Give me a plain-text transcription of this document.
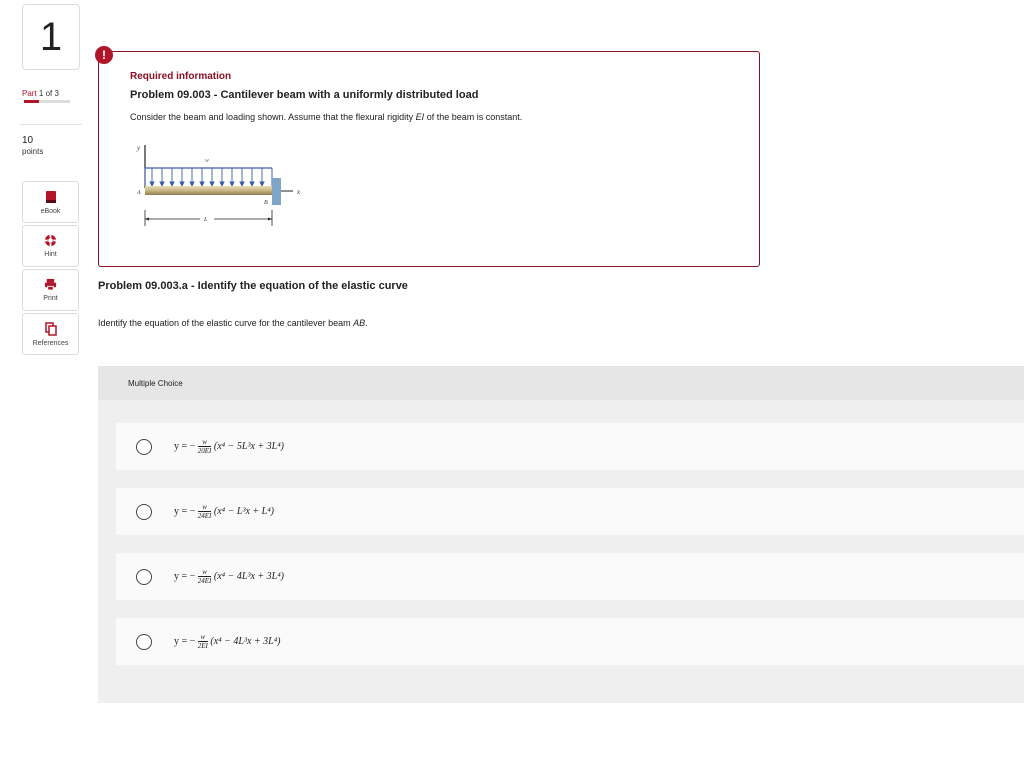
1
Part 1 of 3
10
points
eBook
Hint
Print
References
!
Required information
Problem 09.003 - Cantilever beam with a uniformly distributed load
Consider the beam and loading shown. Assume that the flexural rigidity EI of the beam is constant.
y
w
x
A
B
L
Problem 09.003.a - Identify the equation of the elastic curve
Identify the equation of the elastic curve for the cantilever beam AB.
Multiple Choice
y = − $\frac{w}{20EI} (x^4 - 5L^3x + 3L^4)$
y = − $\frac{w}{24EI} (x^4 - L^3x + L^4)$
y = − $\frac{w}{24EI} (x^4 - 4L^3x + 3L^4)$
y = − $\frac{w}{2EI} (x^4 - 4L^3x + 3L^4)$
